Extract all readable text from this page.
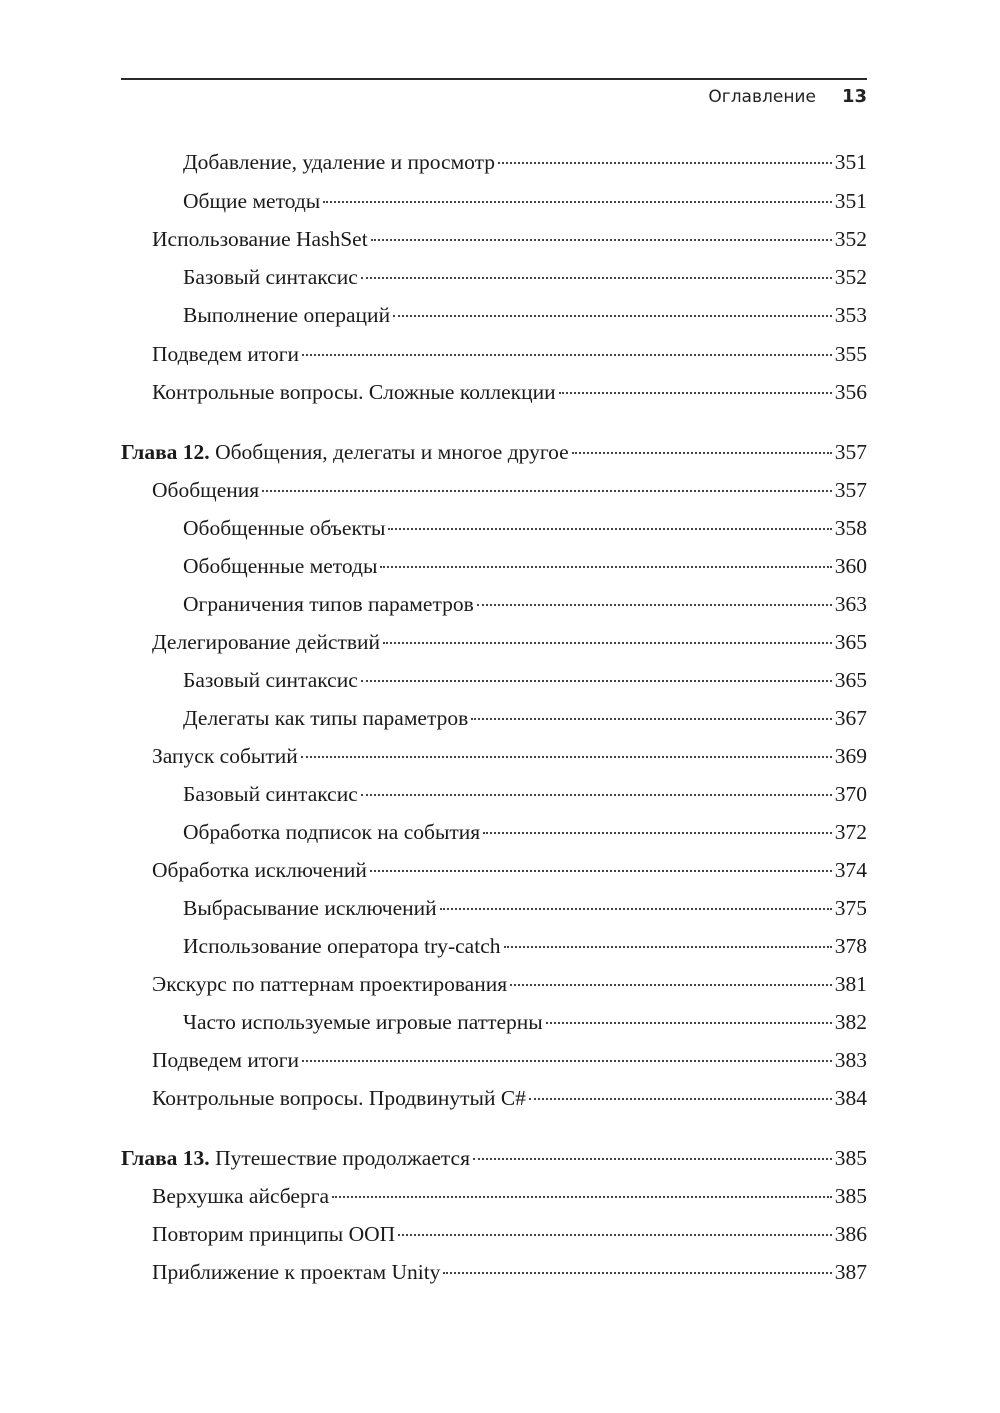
Оглавление 13
Добавление, удаление и просмотр	351
Общие методы	351
Использование HashSet	352
Базовый синтаксис	352
Выполнение операций	353
Подведем итоги	355
Контрольные вопросы. Сложные коллекции	356
Глава 12. Обобщения, делегаты и многое другое	357
Обобщения	357
Обобщенные объекты	358
Обобщенные методы	360
Ограничения типов параметров	363
Делегирование действий	365
Базовый синтаксис	365
Делегаты как типы параметров	367
Запуск событий	369
Базовый синтаксис	370
Обработка подписок на события	372
Обработка исключений	374
Выбрасывание исключений	375
Использование оператора try-catch	378
Экскурс по паттернам проектирования	381
Часто используемые игровые паттерны	382
Подведем итоги	383
Контрольные вопросы. Продвинутый C#	384
Глава 13. Путешествие продолжается	385
Верхушка айсберга	385
Повторим принципы ООП	386
Приближение к проектам Unity	387
